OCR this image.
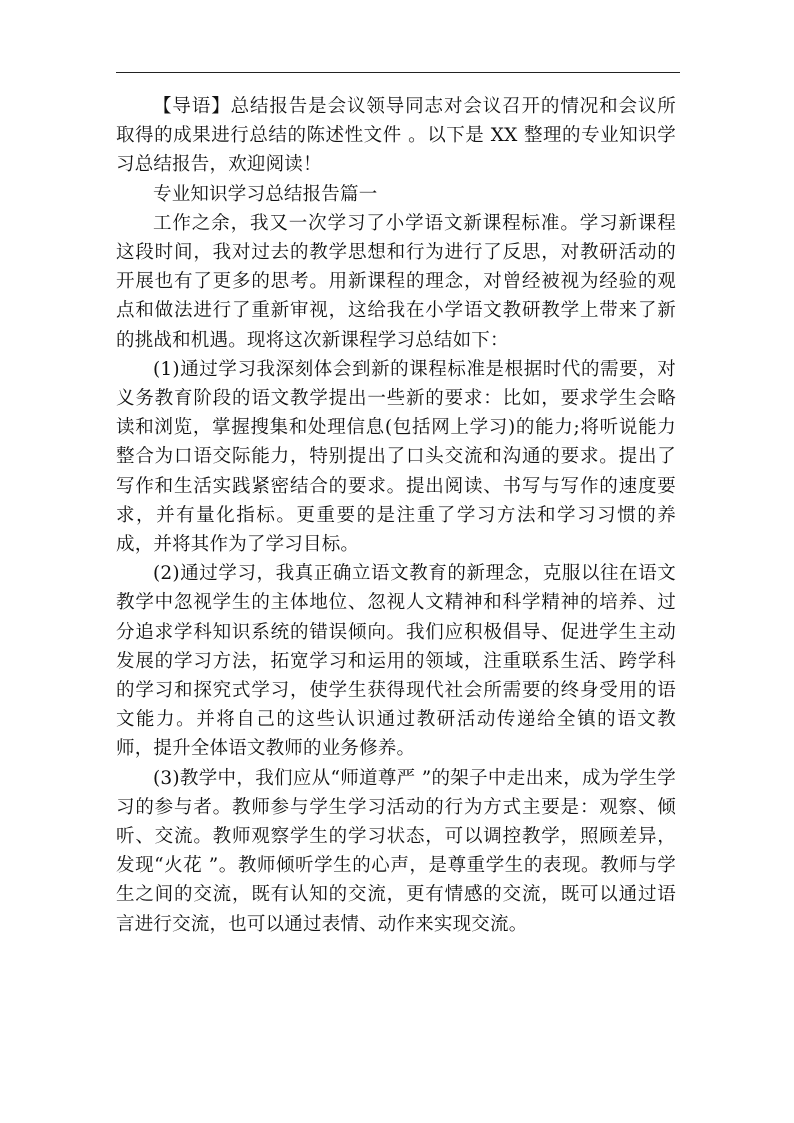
【导语】总结报告是会议领导同志对会议召开的情况和会议所取得的成果进行总结的陈述性文件 。以下是 XX 整理的专业知识学习总结报告，欢迎阅读！

专业知识学习总结报告篇一

工作之余，我又一次学习了小学语文新课程标准。学习新课程这段时间，我对过去的教学思想和行为进行了反思，对教研活动的开展也有了更多的思考。用新课程的理念，对曾经被视为经验的观点和做法进行了重新审视，这给我在小学语文教研教学上带来了新的挑战和机遇。现将这次新课程学习总结如下：

(1)通过学习我深刻体会到新的课程标准是根据时代的需要，对义务教育阶段的语文教学提出一些新的要求：比如，要求学生会略读和浏览，掌握搜集和处理信息(包括网上学习)的能力;将听说能力整合为口语交际能力，特别提出了口头交流和沟通的要求。提出了写作和生活实践紧密结合的要求。提出阅读、书写与写作的速度要求，并有量化指标。更重要的是注重了学习方法和学习习惯的养成，并将其作为了学习目标。

(2)通过学习，我真正确立语文教育的新理念，克服以往在语文教学中忽视学生的主体地位、忽视人文精神和科学精神的培养、过分追求学科知识系统的错误倾向。我们应积极倡导、促进学生主动发展的学习方法，拓宽学习和运用的领域，注重联系生活、跨学科的学习和探究式学习，使学生获得现代社会所需要的终身受用的语文能力。并将自己的这些认识通过教研活动传递给全镇的语文教师，提升全体语文教师的业务修养。

(3)教学中，我们应从“师道尊严 ”的架子中走出来，成为学生学习的参与者。教师参与学生学习活动的行为方式主要是：观察、倾听、交流。教师观察学生的学习状态，可以调控教学，照顾差异，发现“火花 ”。教师倾听学生的心声，是尊重学生的表现。教师与学生之间的交流，既有认知的交流，更有情感的交流，既可以通过语言进行交流，也可以通过表情、动作来实现交流。
